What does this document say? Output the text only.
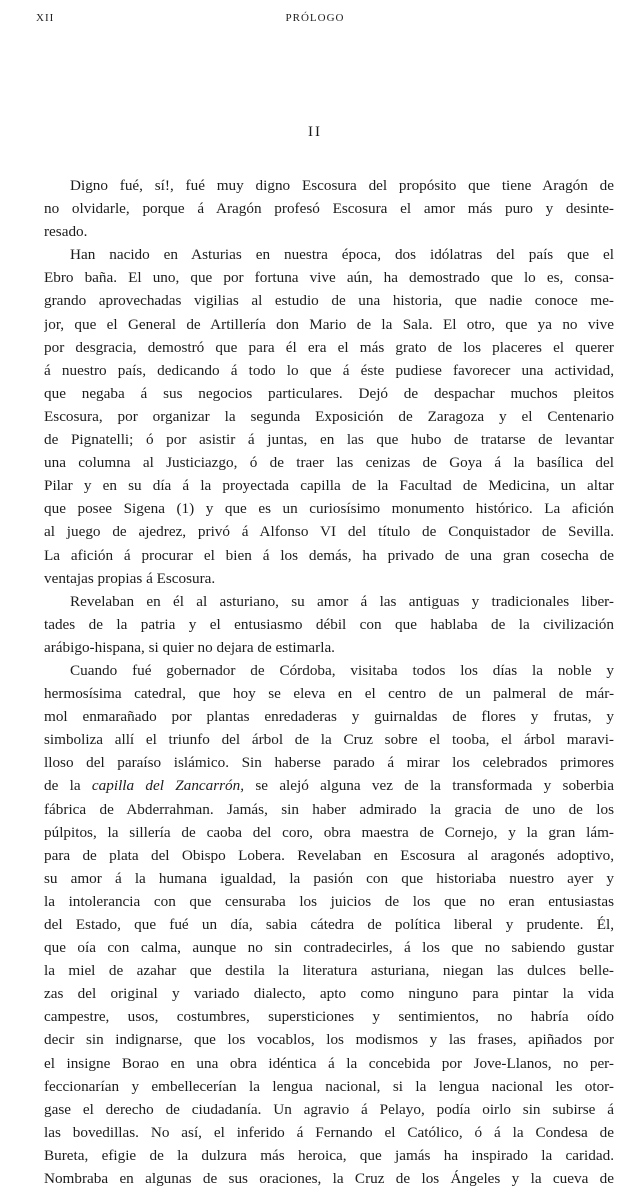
XII	PRÓLOGO
II
Digno fué, sí!, fué muy digno Escosura del propósito que tiene Aragón de
no olvidarle, porque á Aragón profesó Escosura el amor más puro y desinte-
resado.
Han nacido en Asturias en nuestra época, dos idólatras del país que el
Ebro baña. El uno, que por fortuna vive aún, ha demostrado que lo es, consa-
grando aprovechadas vigilias al estudio de una historia, que nadie conoce me-
jor, que el General de Artillería don Mario de la Sala. El otro, que ya no vive
por desgracia, demostró que para él era el más grato de los placeres el querer
á nuestro país, dedicando á todo lo que á éste pudiese favorecer una actividad,
que negaba á sus negocios particulares. Dejó de despachar muchos pleitos
Escosura, por organizar la segunda Exposición de Zaragoza y el Centenario
de Pignatelli; ó por asistir á juntas, en las que hubo de tratarse de levantar
una columna al Justiciazgo, ó de traer las cenizas de Goya á la basílica del
Pilar y en su día á la proyectada capilla de la Facultad de Medicina, un altar
que posee Sigena (1) y que es un curiosísimo monumento histórico. La afición
al juego de ajedrez, privó á Alfonso VI del título de Conquistador de Sevilla.
La afición á procurar el bien á los demás, ha privado de una gran cosecha de
ventajas propias á Escosura.
Revelaban en él al asturiano, su amor á las antiguas y tradicionales liber-
tades de la patria y el entusiasmo débil con que hablaba de la civilización
arábigo-hispana, si quier no dejara de estimarla.
Cuando fué gobernador de Córdoba, visitaba todos los días la noble y
hermosísima catedral, que hoy se eleva en el centro de un palmeral de már-
mol enmarañado por plantas enredaderas y guirnaldas de flores y frutas, y
simboliza allí el triunfo del árbol de la Cruz sobre el tooba, el árbol maravi-
lloso del paraíso islámico. Sin haberse parado á mirar los celebrados primores
de la capilla del Zancarrón, se alejó alguna vez de la transformada y soberbia
fábrica de Abderrahman. Jamás, sin haber admirado la gracia de uno de los
púlpitos, la sillería de caoba del coro, obra maestra de Cornejo, y la gran lám-
para de plata del Obispo Lobera. Revelaban en Escosura al aragonés adoptivo,
su amor á la humana igualdad, la pasión con que historiaba nuestro ayer y
la intolerancia con que censuraba los juicios de los que no eran entusiastas
del Estado, que fué un día, sabia cátedra de política liberal y prudente. Él,
que oía con calma, aunque no sin contradecirles, á los que no sabiendo gustar
la miel de azahar que destila la literatura asturiana, niegan las dulces belle-
zas del original y variado dialecto, apto como ninguno para pintar la vida
campestre, usos, costumbres, supersticiones y sentimientos, no habría oído
decir sin indignarse, que los vocablos, los modismos y las frases, apiñados por
el insigne Borao en una obra idéntica á la concebida por Jove-Llanos, no per-
feccionarían y embellecerían la lengua nacional, si la lengua nacional les otor-
gase el derecho de ciudadanía. Un agravio á Pelayo, podía oirlo sin subirse á
las bovedillas. No así, el inferido á Fernando el Católico, ó á la Condesa de
Bureta, efigie de la dulzura más heroica, que jamás ha inspirado la caridad.
Nombraba en algunas de sus oraciones, la Cruz de los Ángeles y la cueva de
